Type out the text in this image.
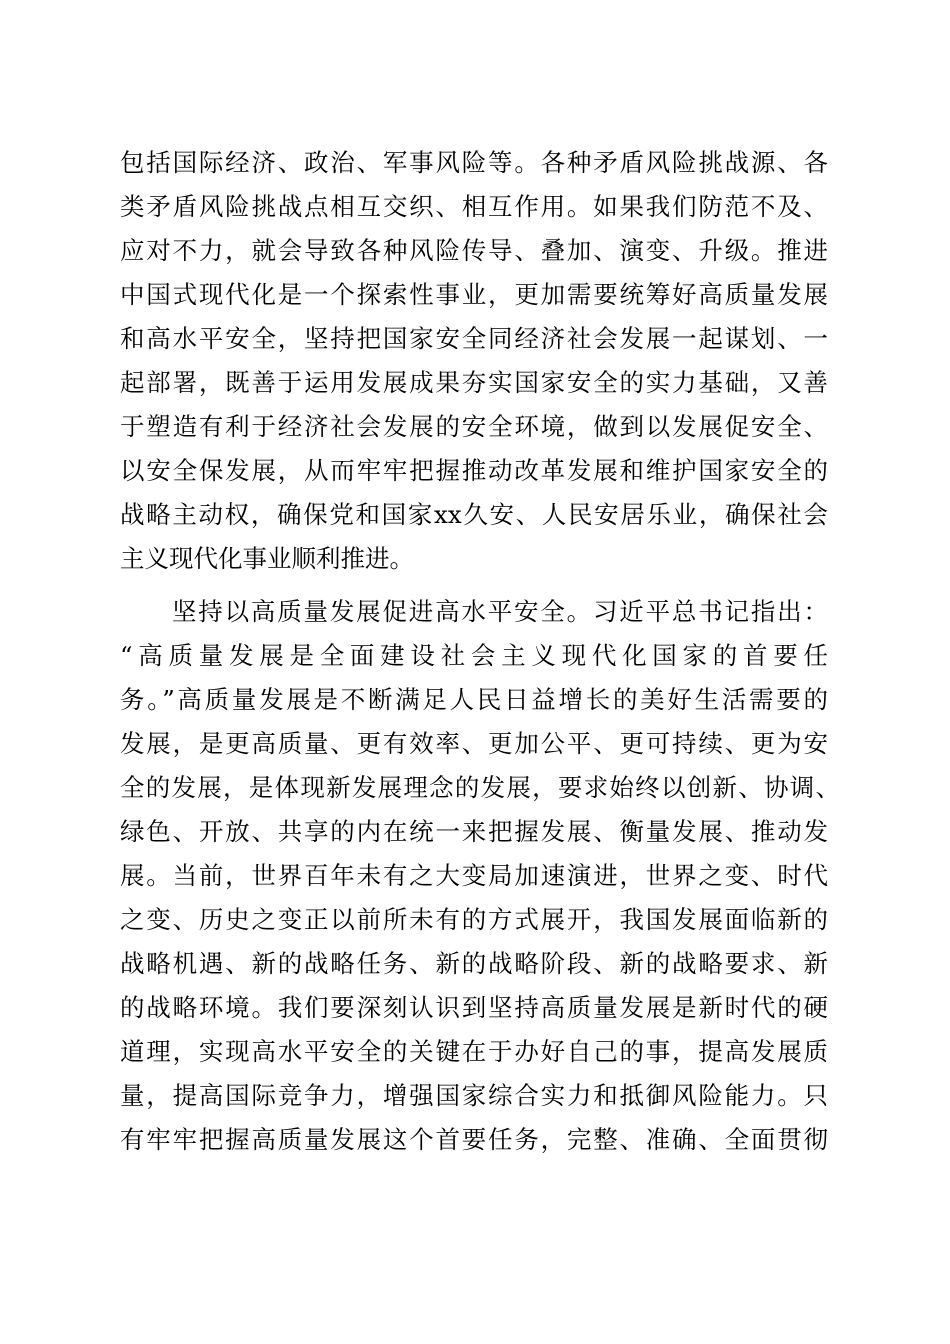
包括国际经济、政治、军事风险等。各种矛盾风险挑战源、各
类矛盾风险挑战点相互交织、相互作用。如果我们防范不及、
应对不力，就会导致各种风险传导、叠加、演变、升级。推进
中国式现代化是一个探索性事业，更加需要统筹好高质量发展
和高水平安全，坚持把国家安全同经济社会发展一起谋划、一
起部署，既善于运用发展成果夯实国家安全的实力基础，又善
于塑造有利于经济社会发展的安全环境，做到以发展促安全、
以安全保发展，从而牢牢把握推动改革发展和维护国家安全的
战略主动权，确保党和国家xx久安、人民安居乐业，确保社会
主义现代化事业顺利推进。
坚持以高质量发展促进高水平安全。习近平总书记指出：
“高质量发展是全面建设社会主义现代化国家的首要任
务。”高质量发展是不断满足人民日益增长的美好生活需要的
发展，是更高质量、更有效率、更加公平、更可持续、更为安
全的发展，是体现新发展理念的发展，要求始终以创新、协调、
绿色、开放、共享的内在统一来把握发展、衡量发展、推动发
展。当前，世界百年未有之大变局加速演进，世界之变、时代
之变、历史之变正以前所未有的方式展开，我国发展面临新的
战略机遇、新的战略任务、新的战略阶段、新的战略要求、新
的战略环境。我们要深刻认识到坚持高质量发展是新时代的硬
道理，实现高水平安全的关键在于办好自己的事，提高发展质
量，提高国际竞争力，增强国家综合实力和抵御风险能力。只
有牢牢把握高质量发展这个首要任务，完整、准确、全面贯彻
